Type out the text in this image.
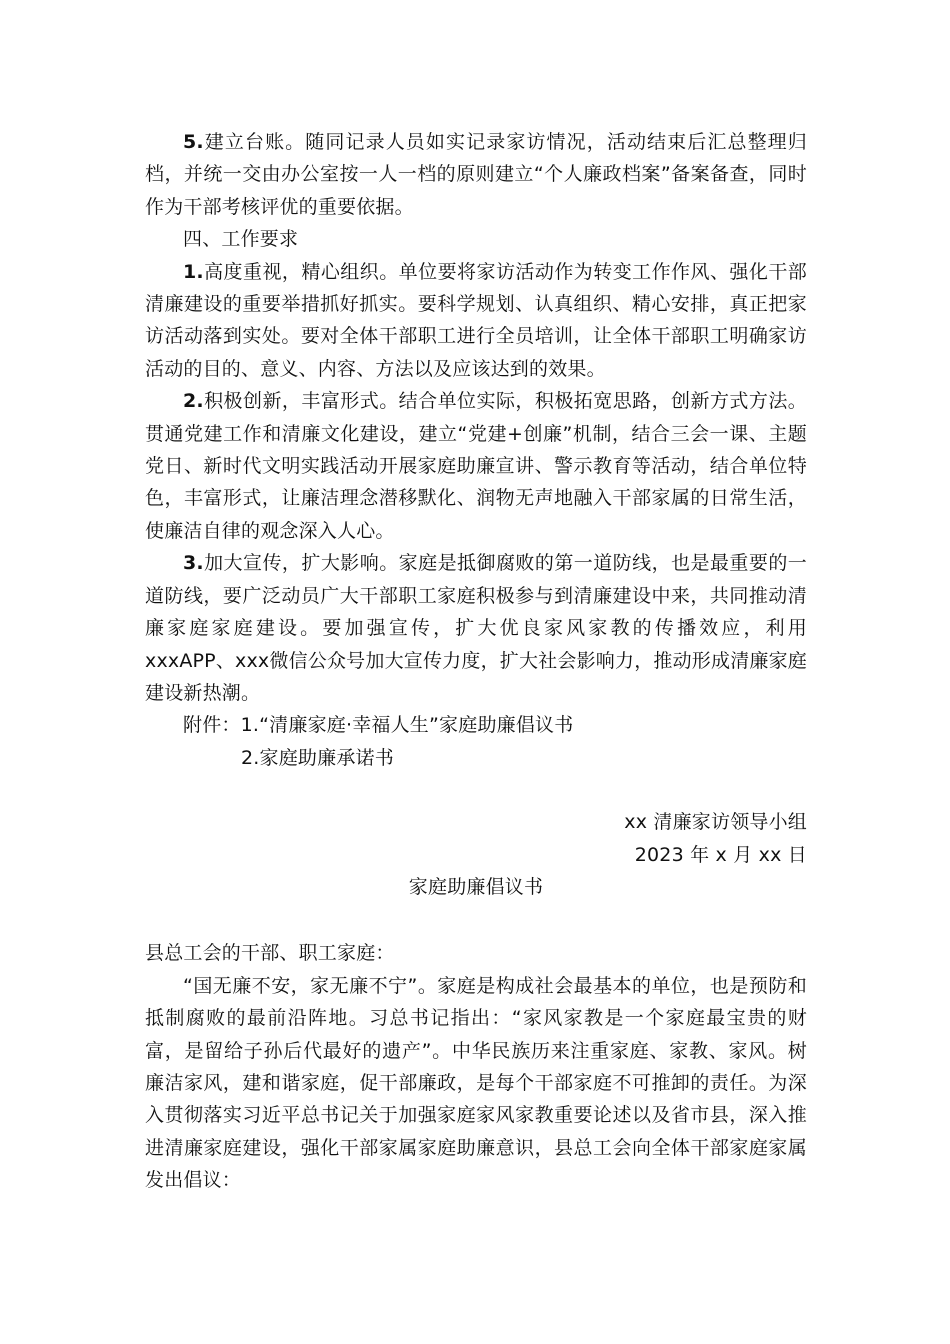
5.建立台账。随同记录人员如实记录家访情况，活动结束后汇总整理归档，并统一交由办公室按一人一档的原则建立“个人廉政档案”备案备查，同时作为干部考核评优的重要依据。

四、工作要求

1.高度重视，精心组织。单位要将家访活动作为转变工作作风、强化干部清廉建设的重要举措抓好抓实。要科学规划、认真组织、精心安排，真正把家访活动落到实处。要对全体干部职工进行全员培训，让全体干部职工明确家访活动的目的、意义、内容、方法以及应该达到的效果。

2.积极创新，丰富形式。结合单位实际，积极拓宽思路，创新方式方法。贯通党建工作和清廉文化建设，建立“党建+创廉”机制，结合三会一课、主题党日、新时代文明实践活动开展家庭助廉宣讲、警示教育等活动，结合单位特色，丰富形式，让廉洁理念潜移默化、润物无声地融入干部家属的日常生活，使廉洁自律的观念深入人心。

3.加大宣传，扩大影响。家庭是抵御腐败的第一道防线，也是最重要的一道防线，要广泛动员广大干部职工家庭积极参与到清廉建设中来，共同推动清廉家庭家庭建设。要加强宣传，扩大优良家风家教的传播效应，利用xxxAPP、xxx微信公众号加大宣传力度，扩大社会影响力，推动形成清廉家庭建设新热潮。

附件：1.“清廉家庭·幸福人生”家庭助廉倡议书

2.家庭助廉承诺书

xx 清廉家访领导小组

2023 年 x 月 xx 日

家庭助廉倡议书

县总工会的干部、职工家庭：

“国无廉不安，家无廉不宁”。家庭是构成社会最基本的单位，也是预防和抵制腐败的最前沿阵地。习总书记指出：“家风家教是一个家庭最宝贵的财富，是留给子孙后代最好的遗产”。中华民族历来注重家庭、家教、家风。树廉洁家风，建和谐家庭，促干部廉政，是每个干部家庭不可推卸的责任。为深入贯彻落实习近平总书记关于加强家庭家风家教重要论述以及省市县，深入推进清廉家庭建设，强化干部家属家庭助廉意识，县总工会向全体干部家庭家属发出倡议：
